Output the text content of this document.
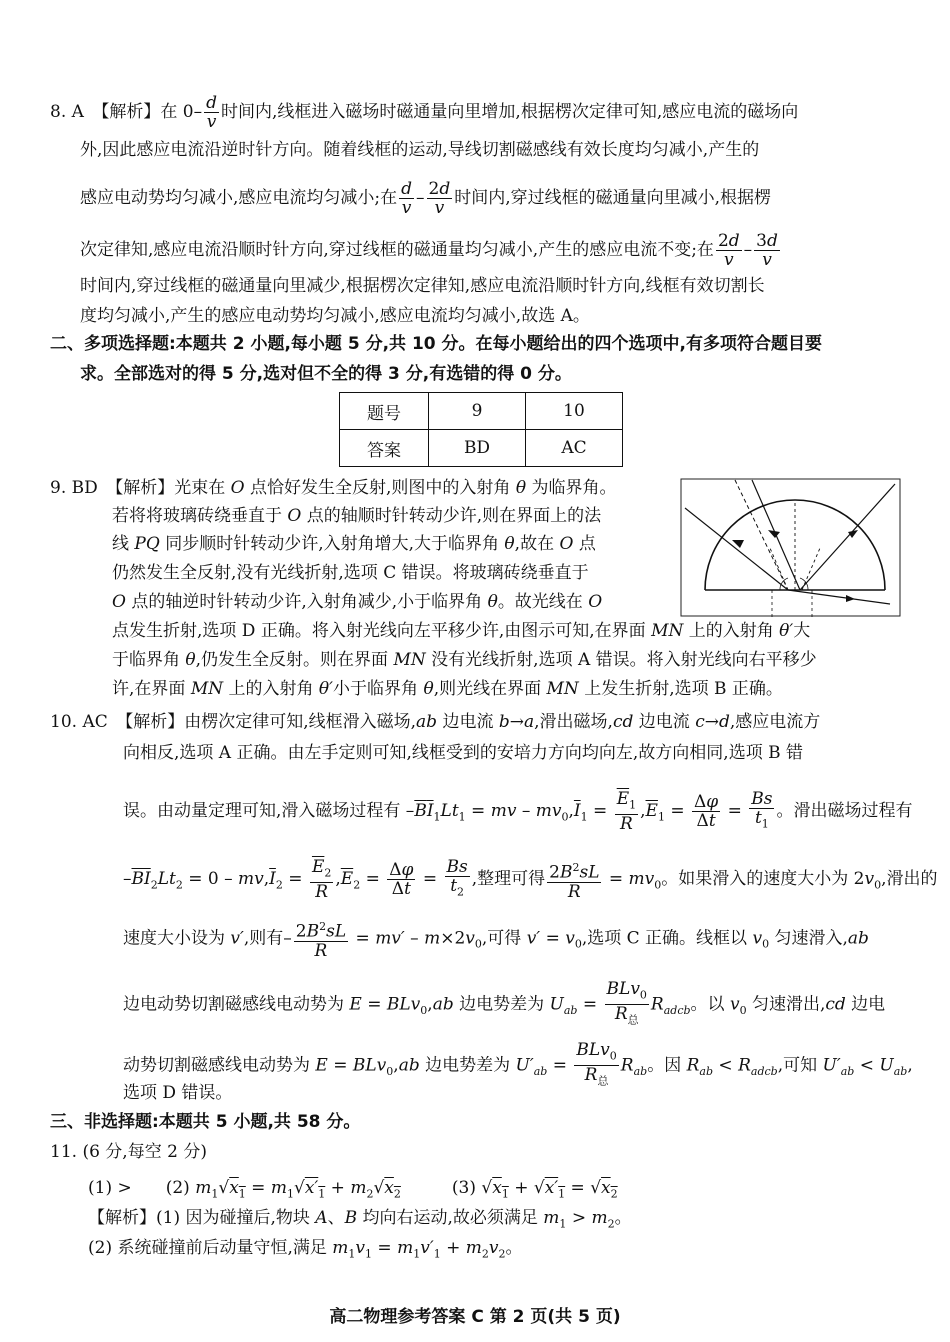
8. A　【解析】在 $0- \frac{d}{v}$ 时间内,线框进入磁场时磁通量向里增加,根据楞次定律可知,感应电流的磁场向
外,因此感应电流沿逆时针方向。随着线框的运动,导线切割磁感线有效长度均匀减小,产生的
感应电动势均匀减小,感应电流均匀减小;在 $\frac{d}{v} - \frac{2d}{v}$ 时间内,穿过线框的磁通量向里减小,根据楞
次定律知,感应电流沿顺时针方向,穿过线框的磁通量均匀减小,产生的感应电流不变;在 $\frac{2d}{v} - \frac{3d}{v}$
时间内,穿过线框的磁通量向里减少,根据楞次定律知,感应电流沿顺时针方向,线框有效切割长
度均匀减小,产生的感应电动势均匀减小,感应电流均匀减小,故选 A。
二、多项选择题:本题共 2 小题,每小题 5 分,共 10 分。在每小题给出的四个选项中,有多项符合题目要
求。全部选对的得 5 分,选对但不全的得 3 分,有选错的得 0 分。
题号	9	10
答案	BD	AC
9. BD　【解析】光束在 O 点恰好发生全反射,则图中的入射角 θ 为临界角。
若将将玻璃砖绕垂直于 O 点的轴顺时针转动少许,则在界面上的法
线 PQ 同步顺时针转动少许,入射角增大,大于临界角 θ,故在 O 点
仍然发生全反射,没有光线折射,选项 C 错误。将玻璃砖绕垂直于
O 点的轴逆时针转动少许,入射角减少,小于临界角 θ。故光线在 O
点发生折射,选项 D 正确。将入射光线向左平移少许,由图示可知,在界面 MN 上的入射角 θ′大
于临界角 θ,仍发生全反射。则在界面 MN 没有光线折射,选项 A 错误。将入射光线向右平移少
许,在界面 MN 上的入射角 θ′小于临界角 θ,则光线在界面 MN 上发生折射,选项 B 正确。
10. AC　【解析】由楞次定律可知,线框滑入磁场,ab 边电流 b→a,滑出磁场,cd 边电流 c→d,感应电流方
向相反,选项 A 正确。由左手定则可知,线框受到的安培力方向均向左,故方向相同,选项 B 错
误。由动量定理可知,滑入磁场过程有 $-BI_1Lt_1$ = mv – $mv_0,\overline{I}_1 = \frac{\overline{E}_1}{R} ,\overline{E}_1 = \frac{\Delta\varphi}{\Delta t} = \frac{Bs}{t_1}$ 。滑出磁场过程有
$-BI_2Lt_2 = 0 - mv,\overline{I}_2 = \frac{\overline{E}_2}{R} ,\overline{E}_2 = \frac{\Delta\varphi}{\Delta t} = \frac{Bs}{t_2}$ ,整理可得 $\frac{2B^2sL}{R} = mv_0$。如果滑入的速度大小为 $2v_0$,滑出的
速度大小设为 v′,则有– $\frac{2B^2sL}{R} = mv' - m\times 2v_0$,可得 $v' = v_0$,选项 C 正确。线框以 $v_0$ 匀速滑入,ab
边电动势切割磁感线电动势为 E = BLv$_0$,ab 边电势差为 $U_{ab} = \frac{BLv_0}{R_总} R_{adcb}$。以 $v_0$ 匀速滑出,cd 边电
动势切割磁感线电动势为 E = BLv$_0$,ab 边电势差为 $U'_{ab} = \frac{BLv_0}{R_总} R_{ab}$。因 $R_{ab} < R_{adcb}$,可知 $U'_{ab} < U_{ab}$,
选项 D 错误。
三、非选择题:本题共 5 小题,共 58 分。
11. (6 分,每空 2 分)
(1) >　　(2) $m_1√x_1 = m_1√x'_1 + m_2√x_2$　　　(3) $√x_1 + √x'_1 = √x_2$
【解析】(1) 因为碰撞后,物块 A、B 均向右运动,故必须满足 $m_1 > m_2$。
(2) 系统碰撞前后动量守恒,满足 $m_1v_1 = m_1v'_1 + m_2v_2$。
高二物理参考答案 C 第 2 页(共 5 页)
